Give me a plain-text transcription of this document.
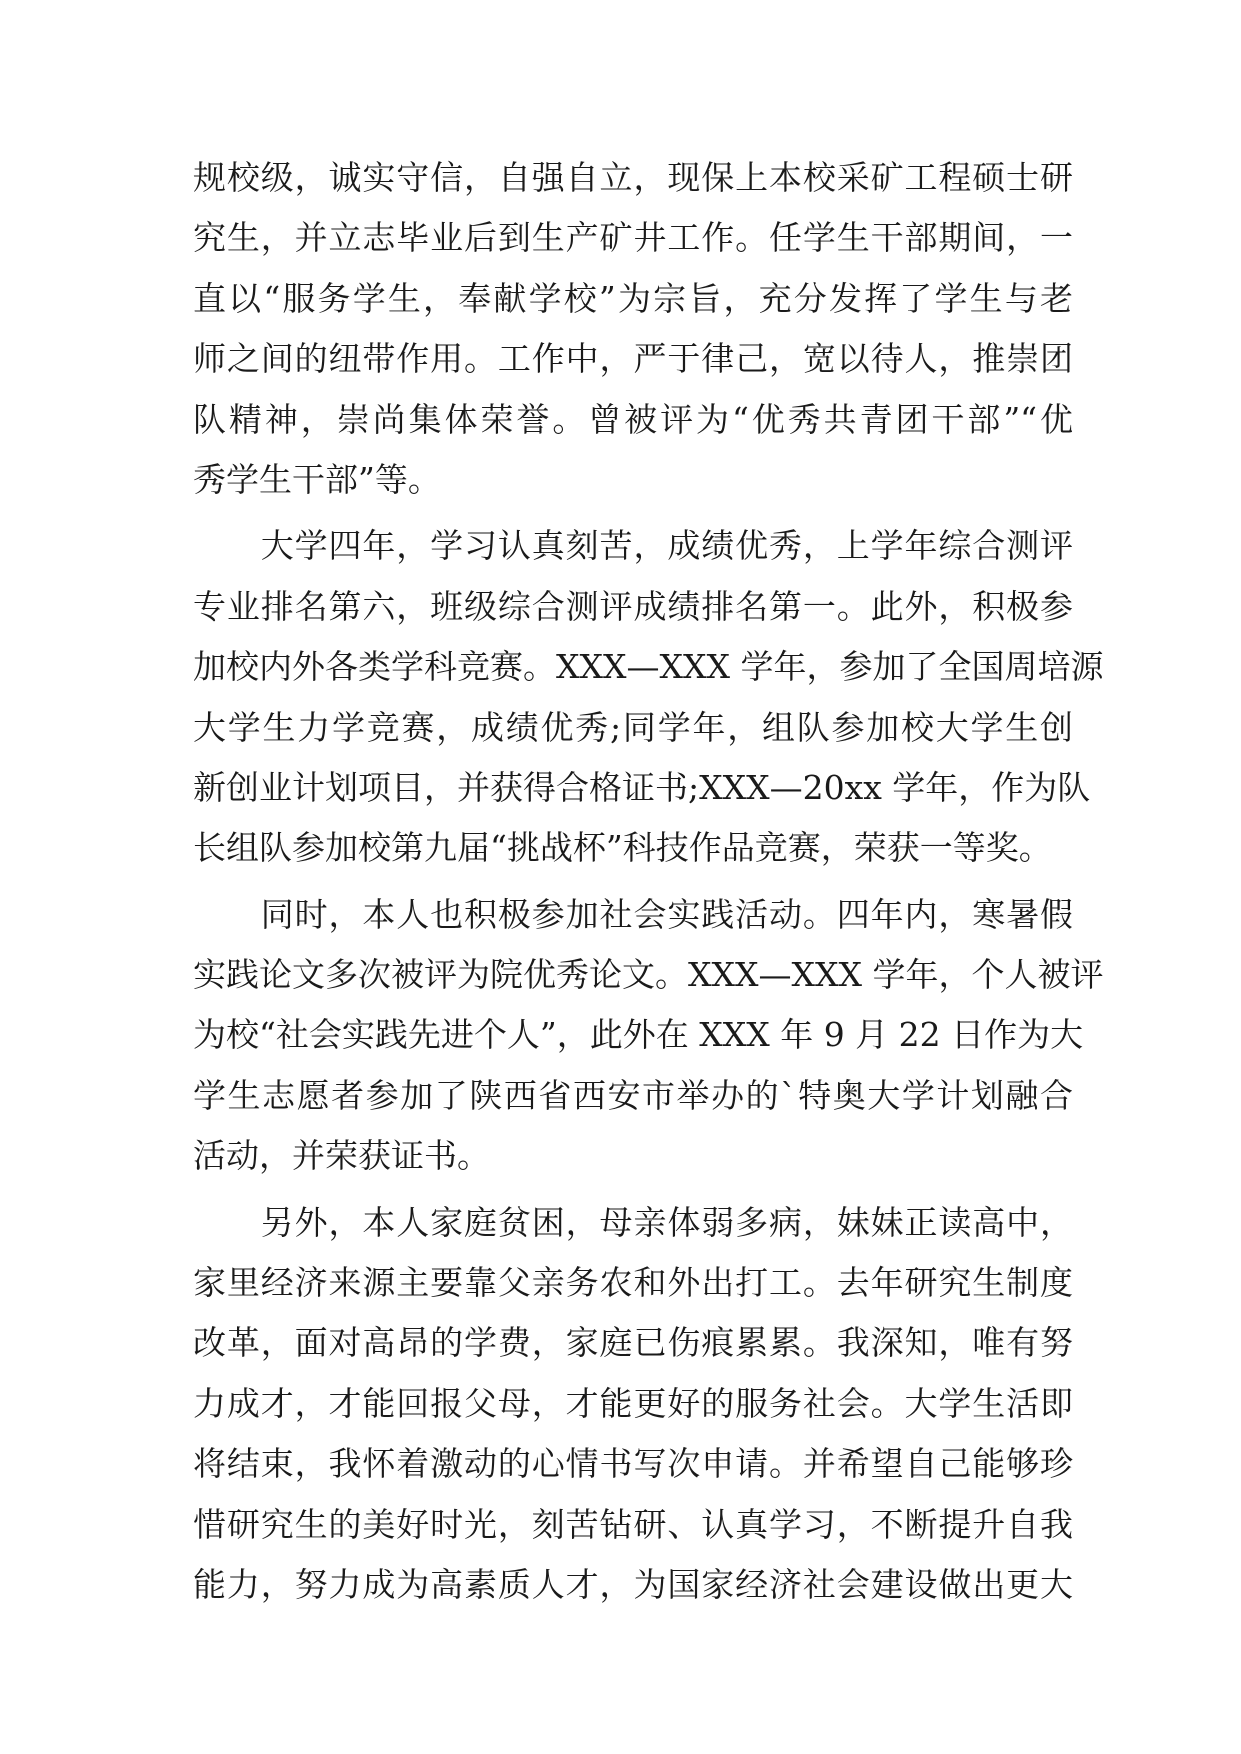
规校级，诚实守信，自强自立，现保上本校采矿工程硕士研
究生，并立志毕业后到生产矿井工作。任学生干部期间，一
直以“服务学生，奉献学校”为宗旨，充分发挥了学生与老
师之间的纽带作用。工作中，严于律己，宽以待人，推崇团
队精神，崇尚集体荣誉。曾被评为“优秀共青团干部”“优
秀学生干部”等。
　　大学四年，学习认真刻苦，成绩优秀，上学年综合测评
专业排名第六，班级综合测评成绩排名第一。此外，积极参
加校内外各类学科竞赛。XXX—XXX 学年，参加了全国周培源
大学生力学竞赛，成绩优秀;同学年，组队参加校大学生创
新创业计划项目，并获得合格证书;XXX—20xx 学年，作为队
长组队参加校第九届“挑战杯”科技作品竞赛，荣获一等奖。
　　同时，本人也积极参加社会实践活动。四年内，寒暑假
实践论文多次被评为院优秀论文。XXX—XXX 学年，个人被评
为校“社会实践先进个人”，此外在 XXX 年 9 月 22 日作为大
学生志愿者参加了陕西省西安市举办的`特奥大学计划融合
活动，并荣获证书。
　　另外，本人家庭贫困，母亲体弱多病，妹妹正读高中，
家里经济来源主要靠父亲务农和外出打工。去年研究生制度
改革，面对高昂的学费，家庭已伤痕累累。我深知，唯有努
力成才，才能回报父母，才能更好的服务社会。大学生活即
将结束，我怀着激动的心情书写次申请。并希望自己能够珍
惜研究生的美好时光，刻苦钻研、认真学习，不断提升自我
能力，努力成为高素质人才，为国家经济社会建设做出更大
